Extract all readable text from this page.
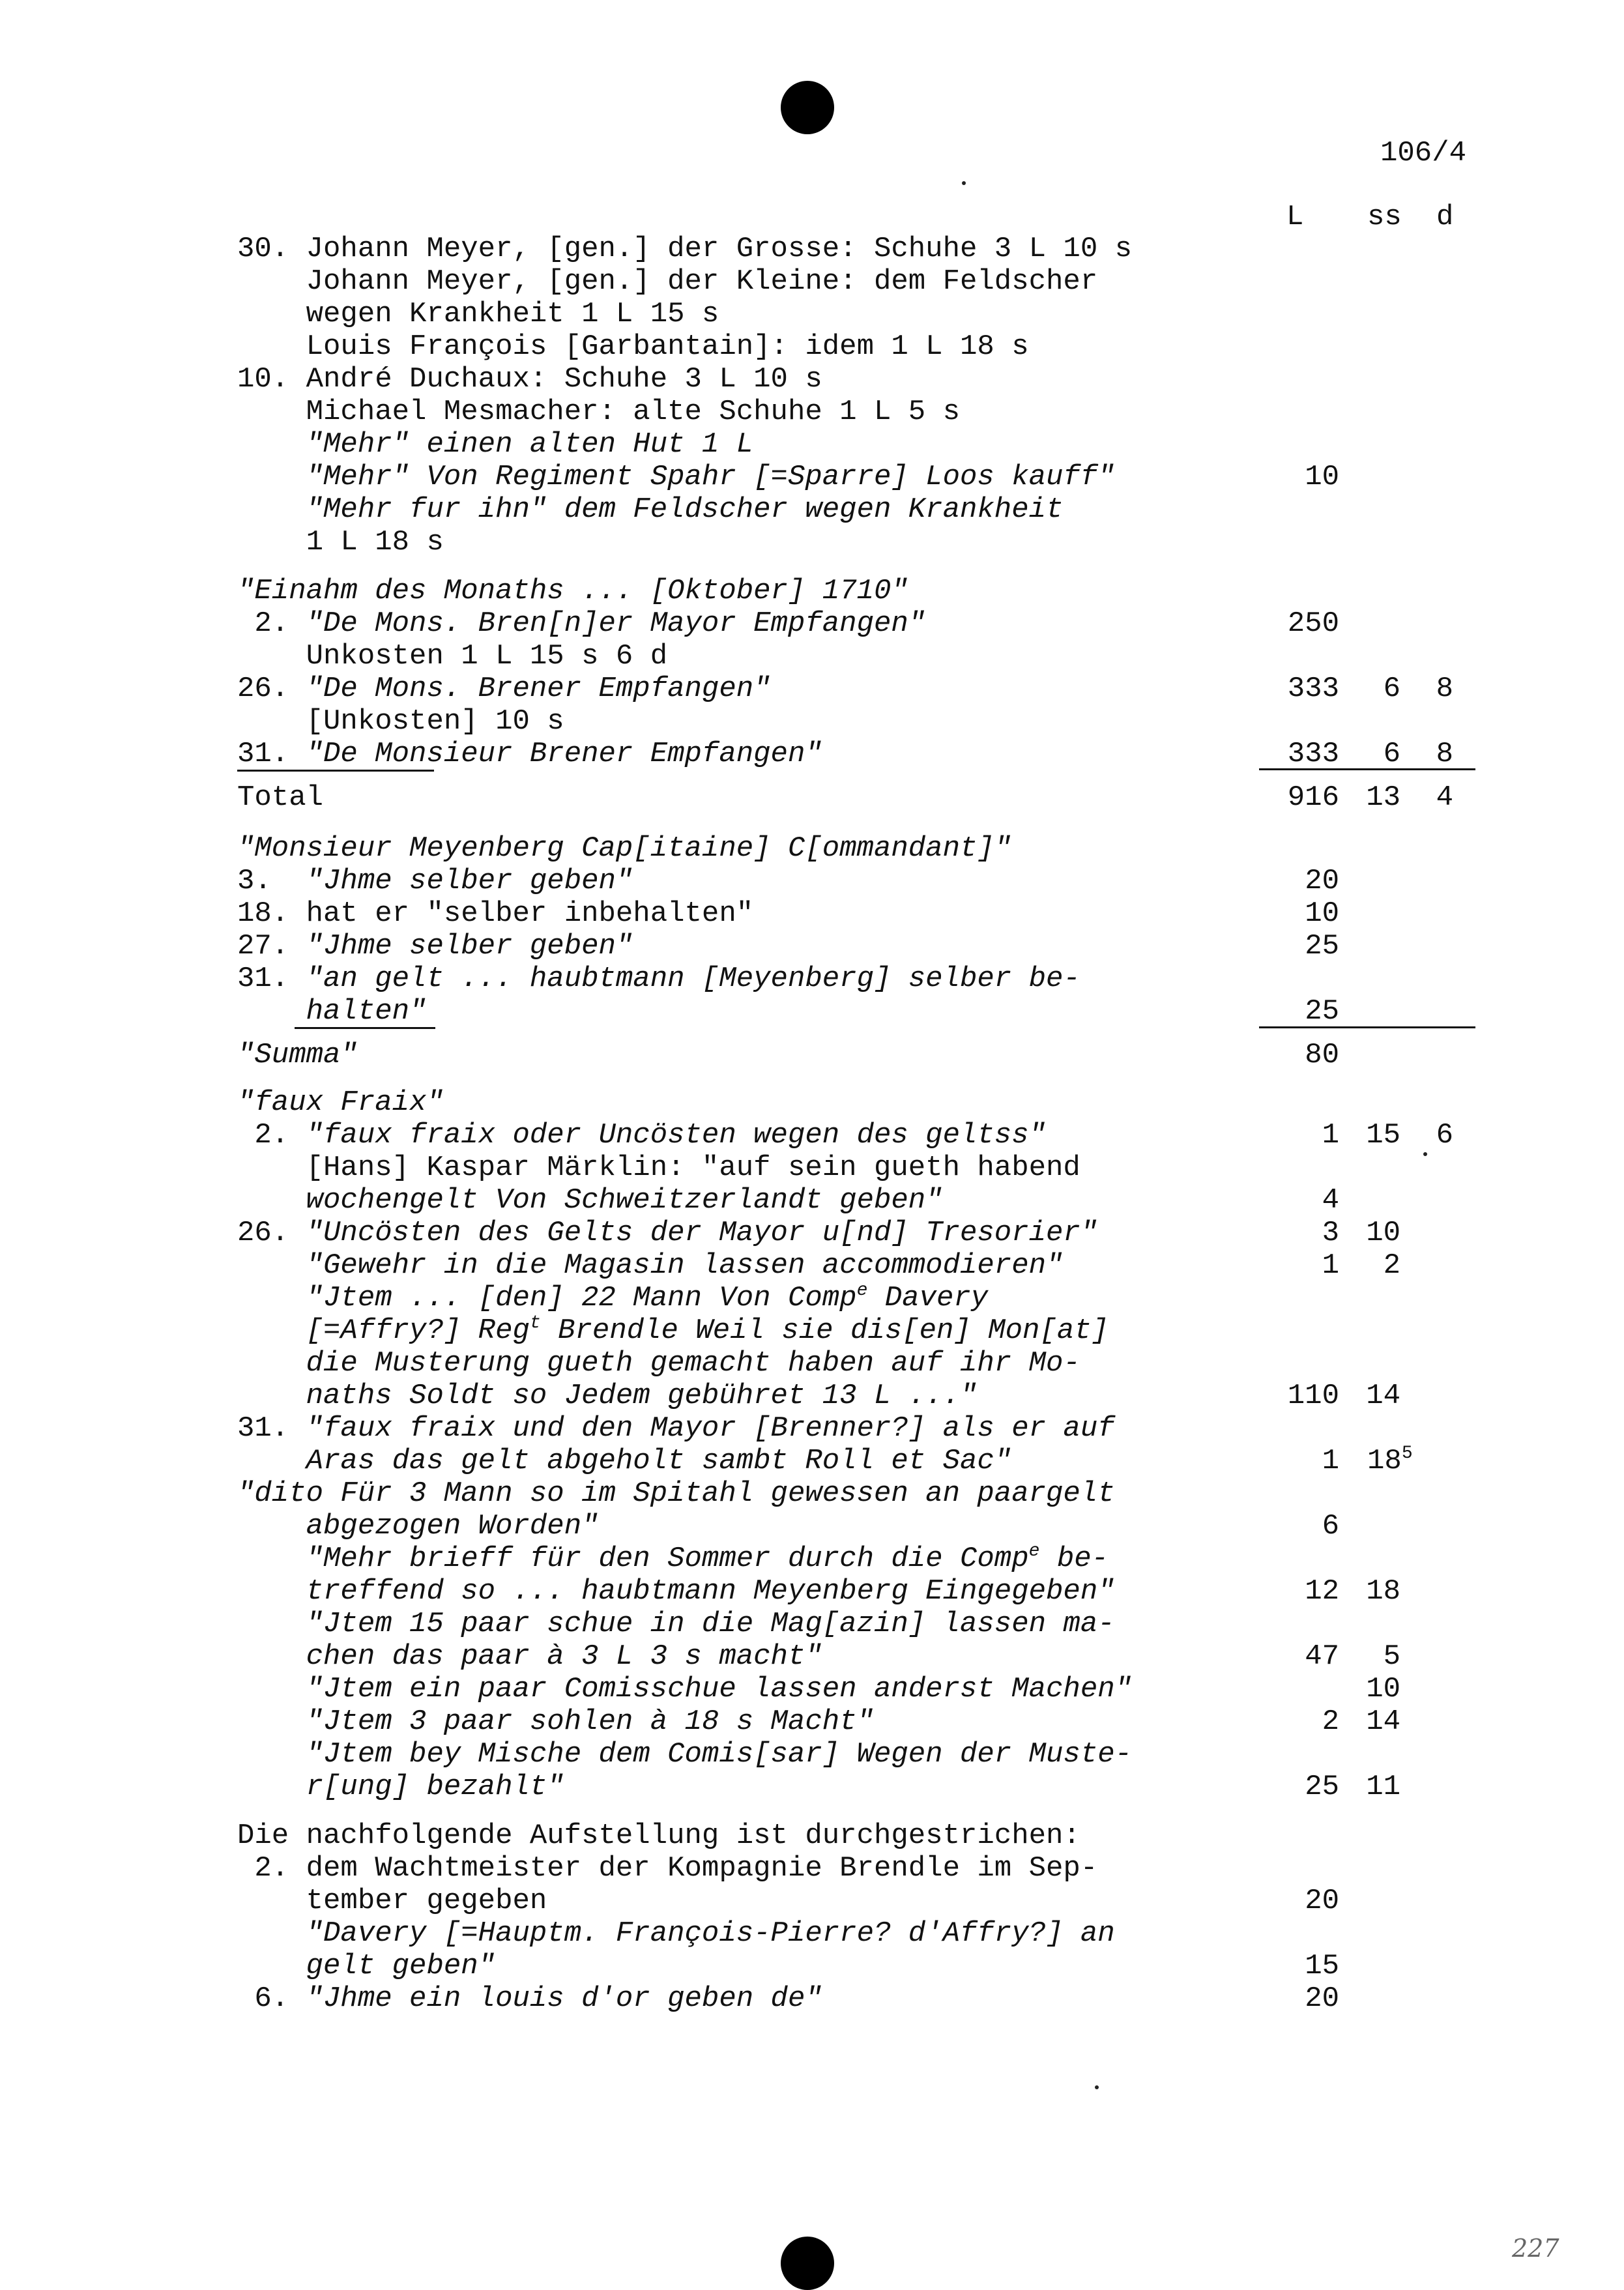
106/4
L ss d
227
30. Johann Meyer, [gen.] der Grosse: Schuhe 3 L 10 s
Johann Meyer, [gen.] der Kleine: dem Feldscher
wegen Krankheit 1 L 15 s
Louis François [Garbantain]: idem 1 L 18 s
10. André Duchaux: Schuhe 3 L 10 s
Michael Mesmacher: alte Schuhe 1 L 5 s
"Mehr" einen alten Hut 1 L
"Mehr" Von Regiment Spahr [=Sparre] Loos kauff"
"Mehr fur ihn" dem Feldscher wegen Krankheit
1 L 18 s
"Einahm des Monaths ... [Oktober] 1710"
2. "De Mons. Bren[n]er Mayor Empfangen"
Unkosten 1 L 15 s 6 d
26. "De Mons. Brener Empfangen"
[Unkosten] 10 s
31. "De Monsieur Brener Empfangen"
Total
"Monsieur Meyenberg Cap[itaine] C[ommandant]"
3. "Jhme selber geben"
18. hat er "selber inbehalten"
27. "Jhme selber geben"
31. "an gelt ... haubtmann [Meyenberg] selber be-
halten"
"Summa"
"faux Fraix"
2. "faux fraix oder Uncösten wegen des geltss"
[Hans] Kaspar Märklin: "auf sein gueth habend
wochengelt Von Schweitzerlandt geben"
26. "Uncösten des Gelts der Mayor u[nd] Tresorier"
"Gewehr in die Magasin lassen accommodieren"
"Jtem ... [den] 22 Mann Von Comp$^e$ Davery
[=Affry?] Reg$^t$ Brendle Weil sie dis[en] Mon[at]
die Musterung gueth gemacht haben auf ihr Mo-
naths Soldt so Jedem gebühret 13 L ..."
31. "faux fraix und den Mayor [Brenner?] als er auf
Aras das gelt abgeholt sambt Roll et Sac"
"dito Für 3 Mann so im Spitahl gewessen an paargelt
abgezogen Worden"
"Mehr brieff für den Sommer durch die Comp$^e$ be-
treffend so ... haubtmann Meyenberg Eingegeben"
"Jtem 15 paar schue in die Mag[azin] lassen ma-
chen das paar à 3 L 3 s macht"
"Jtem ein paar Comisschue lassen anderst Machen"
"Jtem 3 paar sohlen à 18 s Macht"
"Jtem bey Mische dem Comis[sar] Wegen der Muste-
r[ung] bezahlt"
Die nachfolgende Aufstellung ist durchgestrichen:
2. dem Wachtmeister der Kompagnie Brendle im Sep-
tember gegeben
"Davery [=Hauptm. François-Pierre? d'Affry?] an
gelt geben"
6. "Jhme ein louis d'or geben de"
10
250
333 6 8
333 6 8
916 13 4
20
10
25
25
80
1 15 6
4
3 10
1 2
110 14
1 $18^5$
6
12 18
47 5
10
2 14
25 11
20
15
20
